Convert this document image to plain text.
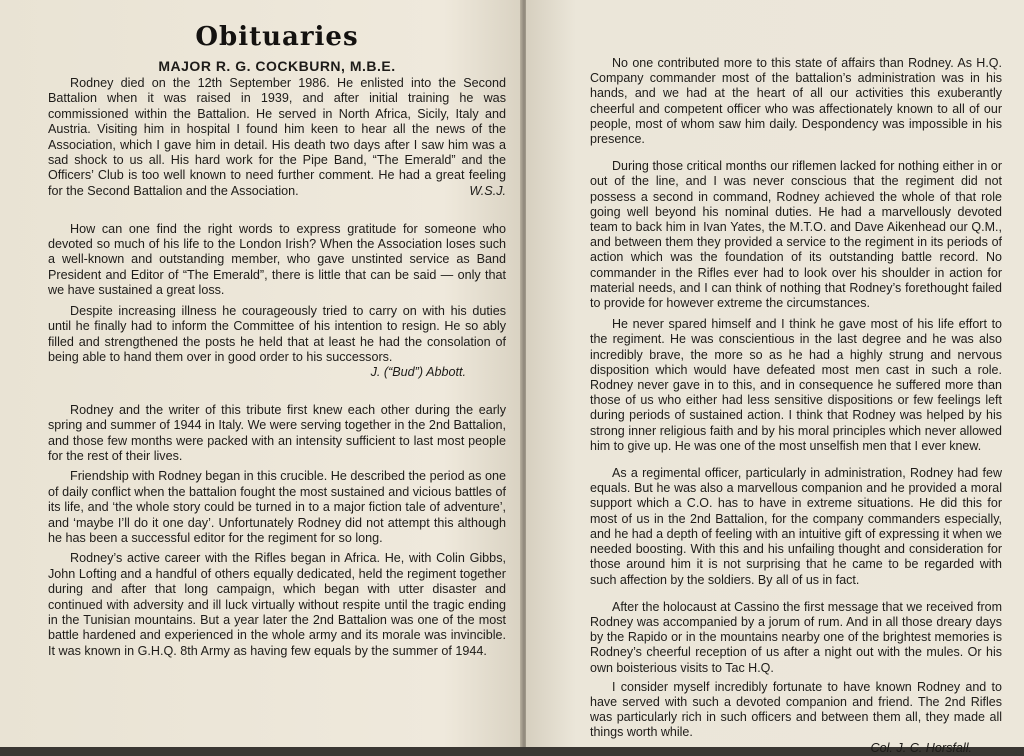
Obituaries
MAJOR R. G. COCKBURN, M.B.E.

Rodney died on the 12th September 1986. He enlisted into the Second Battalion when it was raised in 1939, and after initial training he was commissioned within the Battalion. He served in North Africa, Sicily, Italy and Austria. Visiting him in hospital I found him keen to hear all the news of the Association, which I gave him in detail. His death two days after I saw him was a sad shock to us all. His hard work for the Pipe Band, “The Emerald” and the Officers’ Club is too well known to need further comment. He had a great feeling for the Second Battalion and the Association.	W.S.J.

How can one find the right words to express gratitude for someone who devoted so much of his life to the London Irish? When the Association loses such a well-known and outstanding member, who gave unstinted service as Band President and Editor of “The Emerald”, there is little that can be said — only that we have sustained a great loss.

Despite increasing illness he courageously tried to carry on with his duties until he finally had to inform the Committee of his intention to resign. He so ably filled and strengthened the posts he held that at least he had the consolation of being able to hand them over in good order to his successors.

J. (“Bud”) Abbott.

Rodney and the writer of this tribute first knew each other during the early spring and summer of 1944 in Italy. We were serving together in the 2nd Battalion, and those few months were packed with an intensity sufficient to last most people for the rest of their lives.

Friendship with Rodney began in this crucible. He described the period as one of daily conflict when the battalion fought the most sustained and vicious battles of its life, and ‘the whole story could be turned in to a major fiction tale of adventure’, and ‘maybe I’ll do it one day’. Unfortunately Rodney did not attempt this although he has been a successful editor for the regiment for so long.

Rodney’s active career with the Rifles began in Africa. He, with Colin Gibbs, John Lofting and a handful of others equally dedicated, held the regiment together during and after that long campaign, which began with utter disaster and continued with adversity and ill luck virtually without respite until the tragic ending in the Tunisian mountains. But a year later the 2nd Battalion was one of the most battle hardened and experienced in the whole army and its morale was invincible. It was known in G.H.Q. 8th Army as having few equals by the summer of 1944.

No one contributed more to this state of affairs than Rodney. As H.Q. Company commander most of the battalion’s administration was in his hands, and we had at the heart of all our activities this exuberantly cheerful and competent officer who was affectionately known to all of our people, most of whom saw him daily. Despondency was impossible in his presence.

During those critical months our riflemen lacked for nothing either in or out of the line, and I was never conscious that the regiment did not possess a second in command, Rodney achieved the whole of that role going well beyond his nominal duties. He had a marvellously devoted team to back him in Ivan Yates, the M.T.O. and Dave Aikenhead our Q.M., and between them they provided a service to the regiment in its periods of action which was the foundation of its outstanding battle record. No commander in the Rifles ever had to look over his shoulder in action for material needs, and I can think of nothing that Rodney’s forethought failed to provide for however extreme the circumstances.

He never spared himself and I think he gave most of his life effort to the regiment. He was conscientious in the last degree and he was also incredibly brave, the more so as he had a highly strung and nervous disposition which would have defeated most men cast in such a role. Rodney never gave in to this, and in consequence he suffered more than those of us who either had less sensitive dispositions or few feelings left during periods of sustained action. I think that Rodney was helped by his strong inner religious faith and by his moral principles which never allowed him to give up. He was one of the most unselfish men that I ever knew.

As a regimental officer, particularly in administration, Rodney had few equals. But he was also a marvellous companion and he provided a moral support which a C.O. has to have in extreme situations. He did this for most of us in the 2nd Battalion, for the company commanders especially, and he had a depth of feeling with an intuitive gift of expressing it when we needed boosting. With this and his unfailing thought and consideration for those around him it is not surprising that he came to be regarded with such affection by the soldiers. By all of us in fact.

After the holocaust at Cassino the first message that we received from Rodney was accompanied by a jorum of rum. And in all those dreary days by the Rapido or in the mountains nearby one of the brightest memories is Rodney’s cheerful reception of us after a night out with the mules. Or his own boisterious visits to Tac H.Q.

I consider myself incredibly fortunate to have known Rodney and to have served with such a devoted companion and friend. The 2nd Rifles was particularly rich in such officers and between them all, they made all things worth while.

Col. J. C. Horsfall.
